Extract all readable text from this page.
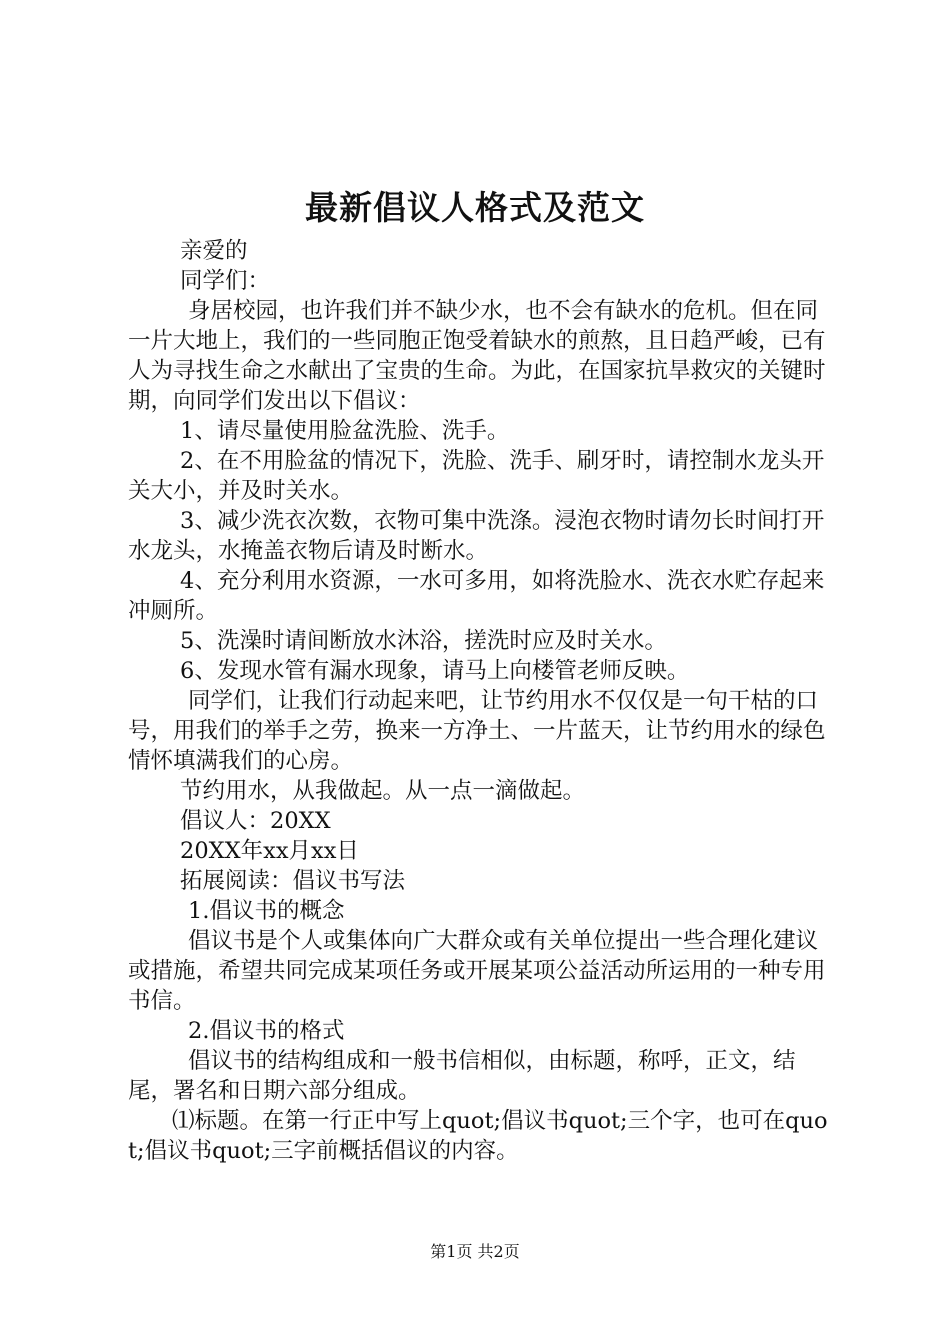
最新倡议人格式及范文

亲爱的

同学们：

身居校园，也许我们并不缺少水，也不会有缺水的危机。但在同一片大地上，我们的一些同胞正饱受着缺水的煎熬，且日趋严峻，已有人为寻找生命之水献出了宝贵的生命。为此，在国家抗旱救灾的关键时期，向同学们发出以下倡议：

1、请尽量使用脸盆洗脸、洗手。

2、在不用脸盆的情况下，洗脸、洗手、刷牙时，请控制水龙头开关大小，并及时关水。

3、减少洗衣次数，衣物可集中洗涤。浸泡衣物时请勿长时间打开水龙头，水掩盖衣物后请及时断水。

4、充分利用水资源，一水可多用，如将洗脸水、洗衣水贮存起来冲厕所。

5、洗澡时请间断放水沐浴，搓洗时应及时关水。

6、发现水管有漏水现象，请马上向楼管老师反映。

同学们，让我们行动起来吧，让节约用水不仅仅是一句干枯的口号，用我们的举手之劳，换来一方净土、一片蓝天，让节约用水的绿色情怀填满我们的心房。

节约用水，从我做起。从一点一滴做起。

倡议人：20XX

20XX年xx月xx日

拓展阅读：倡议书写法

1.倡议书的概念

倡议书是个人或集体向广大群众或有关单位提出一些合理化建议或措施，希望共同完成某项任务或开展某项公益活动所运用的一种专用书信。

2.倡议书的格式

倡议书的结构组成和一般书信相似，由标题，称呼，正文，结尾，署名和日期六部分组成。

⑴标题。在第一行正中写上quot;倡议书quot;三个字，也可在quot;倡议书quot;三字前概括倡议的内容。

第1页 共2页
